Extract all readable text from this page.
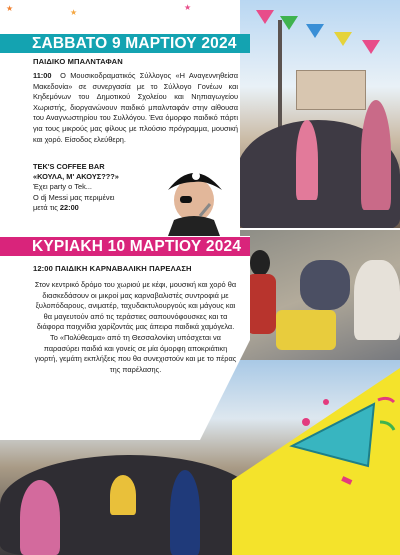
★	★
★
ΣΑΒΒΑΤΟ 9 ΜΑΡΤΙΟΥ 2024
ΠΑΙΔΙΚΟ ΜΠΑΛΝΤΑΦΑΝ
11:00 Ο Μουσικοδραματικός Σύλλογος «Η Αναγεννηθείσα Μακεδονία» σε συνεργασία με το Σύλλογο Γονέων και Κηδεμόνων του Δημοτικού Σχολείου και Νηπιαγωγείου Χωριστής, διοργανώνουν παιδικό μπαλνταφάν στην αίθουσα του Αναγνωστηρίου του Συλλόγου. Ένα όμορφο παιδικό πάρτι για τους μικρούς μας φίλους με πλούσιο πρόγραμμα, μουσική και χορό. Είσοδος ελεύθερη.
TEK'S COFFEE BAR
«ΚΟΥΛΑ, Μ' ΑΚΟΥΣ???»
Έχει party ο Tek...
Ο dj Messi μας περιμένει
μετά τις 22:00
ΚΥΡΙΑΚΗ 10 ΜΑΡΤΙΟΥ 2024
12:00 ΠΑΙΔΙΚΗ ΚΑΡΝΑΒΑΛΙΚΗ ΠΑΡΕΛΑΣΗ
Στον κεντρικό δρόμο του χωριού με κέφι, μουσική και χορό θα διασκεδάσουν οι μικροί μας καρναβαλιστές συντροφιά με ξυλοπόδαρους, ανιματέρ, ταχυδακτυλουργούς και μάγους και θα μαγευτούν από τις τεράστιες σαπουνόφουσκες και τα διάφορα παιχνίδια χαρίζοντάς μας άπειρα παιδικά χαμόγελα. Το «Πολύθεαμα» από τη Θεσσαλονίκη υπόσχεται να παρασύρει παιδιά και γονείς σε μία όμορφη αποκριάτικη γιορτή, γεμάτη εκπλήξεις που θα συνεχιστούν και με το πέρας της παρέλασης.
